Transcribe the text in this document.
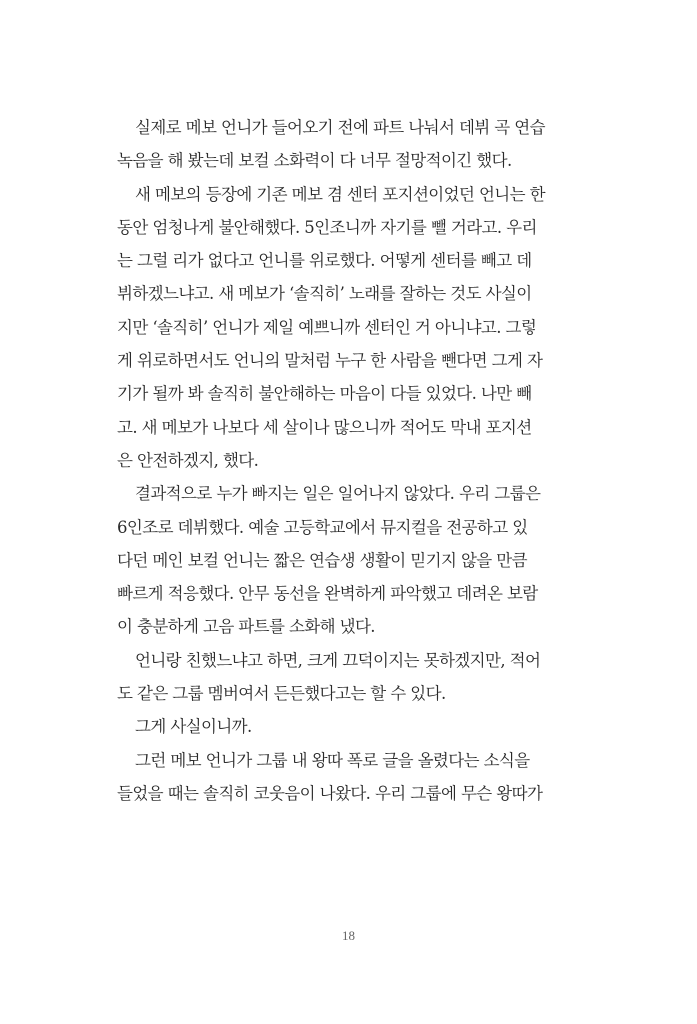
실제로 메보 언니가 들어오기 전에 파트 나눠서 데뷔 곡 연습
녹음을 해 봤는데 보컬 소화력이 다 너무 절망적이긴 했다.
새 메보의 등장에 기존 메보 겸 센터 포지션이었던 언니는 한
동안 엄청나게 불안해했다. 5인조니까 자기를 뺄 거라고. 우리
는 그럴 리가 없다고 언니를 위로했다. 어떻게 센터를 빼고 데
뷔하겠느냐고. 새 메보가 ‘솔직히’ 노래를 잘하는 것도 사실이
지만 ‘솔직히’ 언니가 제일 예쁘니까 센터인 거 아니냐고. 그렇
게 위로하면서도 언니의 말처럼 누구 한 사람을 뺀다면 그게 자
기가 될까 봐 솔직히 불안해하는 마음이 다들 있었다. 나만 빼
고. 새 메보가 나보다 세 살이나 많으니까 적어도 막내 포지션
은 안전하겠지, 했다.
결과적으로 누가 빠지는 일은 일어나지 않았다. 우리 그룹은
6인조로 데뷔했다. 예술 고등학교에서 뮤지컬을 전공하고 있
다던 메인 보컬 언니는 짧은 연습생 생활이 믿기지 않을 만큼
빠르게 적응했다. 안무 동선을 완벽하게 파악했고 데려온 보람
이 충분하게 고음 파트를 소화해 냈다.
언니랑 친했느냐고 하면, 크게 끄덕이지는 못하겠지만, 적어
도 같은 그룹 멤버여서 든든했다고는 할 수 있다.
그게 사실이니까.
그런 메보 언니가 그룹 내 왕따 폭로 글을 올렸다는 소식을
들었을 때는 솔직히 코웃음이 나왔다. 우리 그룹에 무슨 왕따가
18
